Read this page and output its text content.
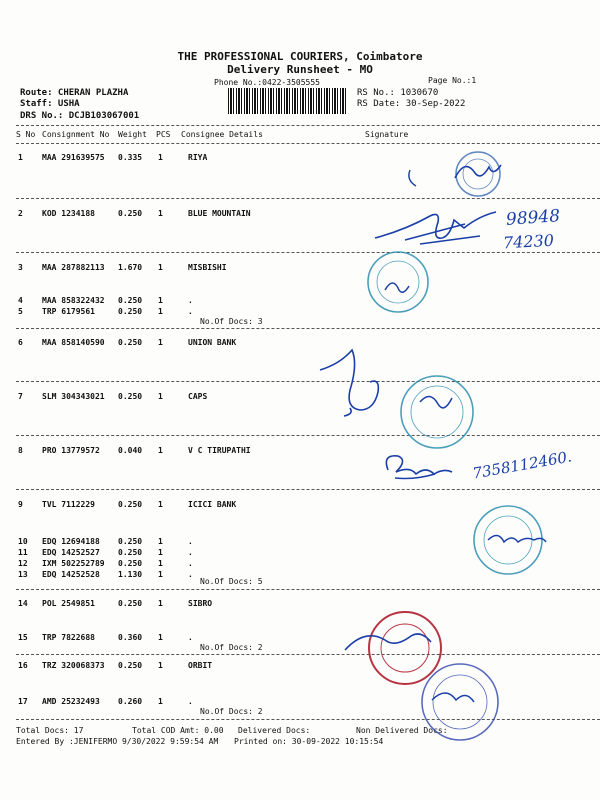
THE PROFESSIONAL COURIERS, Coimbatore
Delivery Runsheet - MO
Phone No.:0422-3505555	Page No.:1
Route: CHERAN PLAZHA
Staff: USHA
DRS No.: DCJB103067001
RS No.: 1030670
RS Date: 30-Sep-2022
S No Consignment No Weight PCS Consignee Details	Signature
1 MAA 291639575 0.335 1	RIYA
2 KOD 1234188	0.250 1	BLUE MOUNTAIN
3 MAA 287882113 1.670 1	MISBISHI
4 MAA 858322432 0.250 1	.
5 TRP 6179561	0.250 1	.
6 MAA 858140590 0.250 1	UNION BANK
7 SLM 304343021 0.250 1	CAPS
8 PRO 13779572 0.040 1	V C TIRUPATHI
9 TVL 7112229	0.250 1	ICICI BANK
10 EDQ 12694188 0.250 1	.
11 EDQ 14252527 0.250 1	.
12 IXM 502252789 0.250 1	.
13 EDQ 14252528 1.130 1	.
14 POL 2549851	0.250 1	SIBRO
15 TRP 7822688	0.360 1	.
16 TRZ 320068373 0.250 1	ORBIT
17 AMD 25232493 0.260 1	.
No.Of Docs: 3
No.Of Docs: 5
No.Of Docs: 2
No.Of Docs: 2
Total Docs: 17	Total COD Amt: 0.00 Delivered Docs:	Non Delivered Docs:
Entered By :JENIFERMO 9/30/2022 9:59:54 AM Printed on: 30-09-2022 10:15:54
98948
74230
7358112460.
